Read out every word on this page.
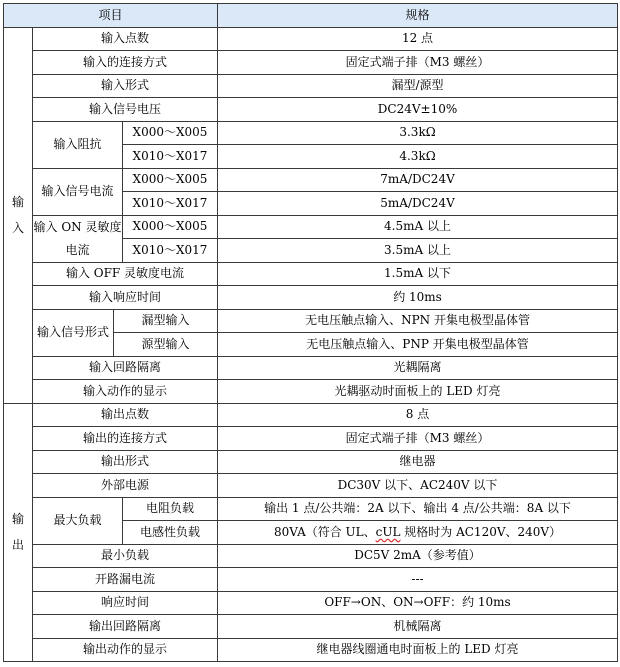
项目				规格

输
入	输入点数			12 点
	输入的连接方式			固定式端子排（M3 螺丝）
	输入形式			漏型/源型
	输入信号电压			DC24V±10%
	输入阻抗		X000～X005	3.3kΩ
			X010～X017	4.3kΩ
	输入信号电流		X000～X005	7mA/DC24V
			X010～X017	5mA/DC24V
	输入 ON 灵敏度电流		X000～X005	4.5mA 以上
			X010～X017	3.5mA 以上
	输入 OFF 灵敏度电流			1.5mA 以下
	输入响应时间			约 10ms
	输入信号形式	漏型输入		无电压触点输入、NPN 开集电极型晶体管
		源型输入		无电压触点输入、PNP 开集电极型晶体管
	输入回路隔离			光耦隔离
	输入动作的显示			光耦驱动时面板上的 LED 灯亮

输
出	输出点数			8 点
	输出的连接方式			固定式端子排（M3 螺丝）
	输出形式			继电器
	外部电源			DC30V 以下、AC240V 以下
	最大负载		电阻负载	输出 1 点/公共端：2A 以下、输出 4 点/公共端：8A 以下
			电感性负载	80VA（符合 UL、cUL 规格时为 AC120V、240V）
	最小负载			DC5V 2mA（参考值）
	开路漏电流			---
	响应时间			OFF→ON、ON→OFF：约 10ms
	输出回路隔离			机械隔离
	输出动作的显示			继电器线圈通电时面板上的 LED 灯亮
